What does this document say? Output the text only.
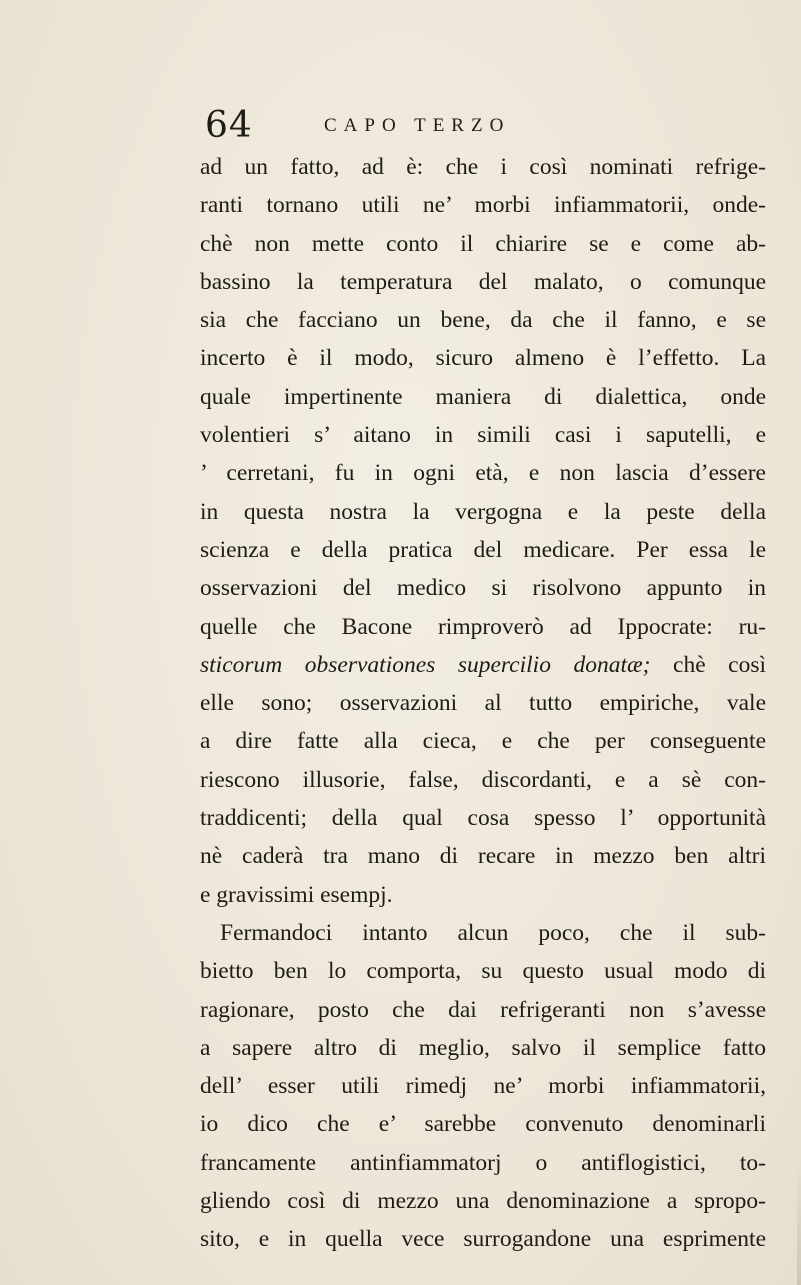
64	CAPO TERZO
ad un fatto, ad è: che i così nominati refrige-
ranti tornano utili ne’ morbi infiammatorii, onde-
chè non mette conto il chiarire se e come ab-
bassino la temperatura del malato, o comunque
sia che facciano un bene, da che il fanno, e se
incerto è il modo, sicuro almeno è l’effetto. La
quale impertinente maniera di dialettica, onde
volentieri s’ aitano in simili casi i saputelli, e
’ cerretani, fu in ogni età, e non lascia d’essere
in questa nostra la vergogna e la peste della
scienza e della pratica del medicare. Per essa le
osservazioni del medico si risolvono appunto in
quelle che Bacone rimproverò ad Ippocrate: ru-
sticorum observationes supercilio donatæ; chè così
elle sono; osservazioni al tutto empiriche, vale
a dire fatte alla cieca, e che per conseguente
riescono illusorie, false, discordanti, e a sè con-
traddicenti; della qual cosa spesso l’ opportunità
nè caderà tra mano di recare in mezzo ben altri
e gravissimi esempj.
Fermandoci intanto alcun poco, che il sub-
bietto ben lo comporta, su questo usual modo di
ragionare, posto che dai refrigeranti non s’avesse
a sapere altro di meglio, salvo il semplice fatto
dell’ esser utili rimedj ne’ morbi infiammatorii,
io dico che e’ sarebbe convenuto denominarli
francamente antinfiammatorj o antiflogistici, to-
gliendo così di mezzo una denominazione a spropo-
sito, e in quella vece surrogandone una esprimente
